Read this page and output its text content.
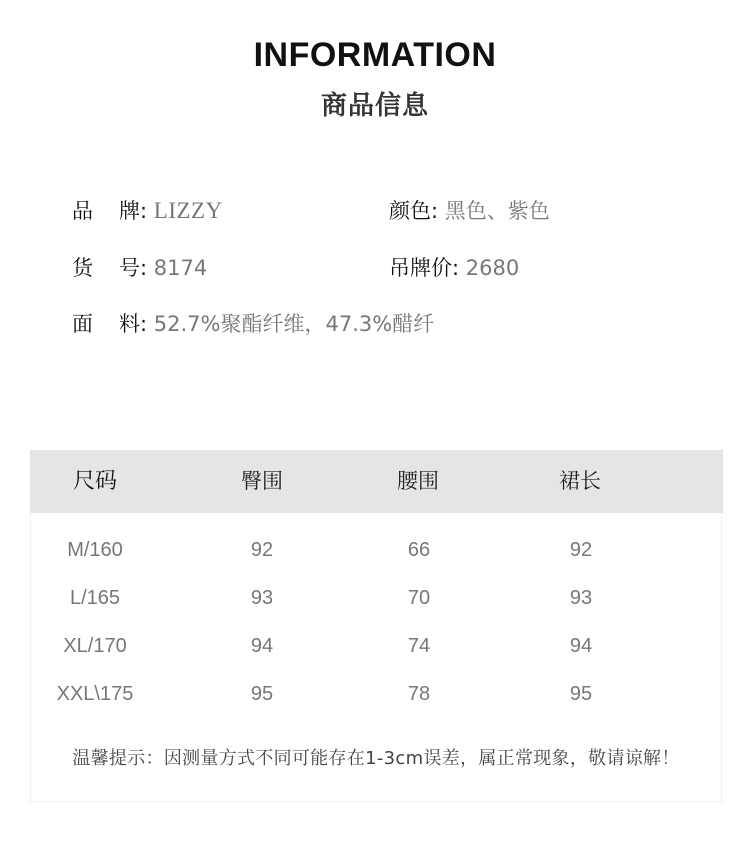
INFORMATION
商品信息
品 牌: LIZZY	颜色: 黑色、紫色
货 号: 8174	吊牌价: 2680
面 料: 52.7%聚酯纤维，47.3%醋纤
尺码	臀围	腰围	裙长
M/160	92	66	92
L/165	93	70	93
XL/170	94	74	94
XXL\175	95	78	95
温馨提示：因测量方式不同可能存在1-3cm误差，属正常现象，敬请谅解！
